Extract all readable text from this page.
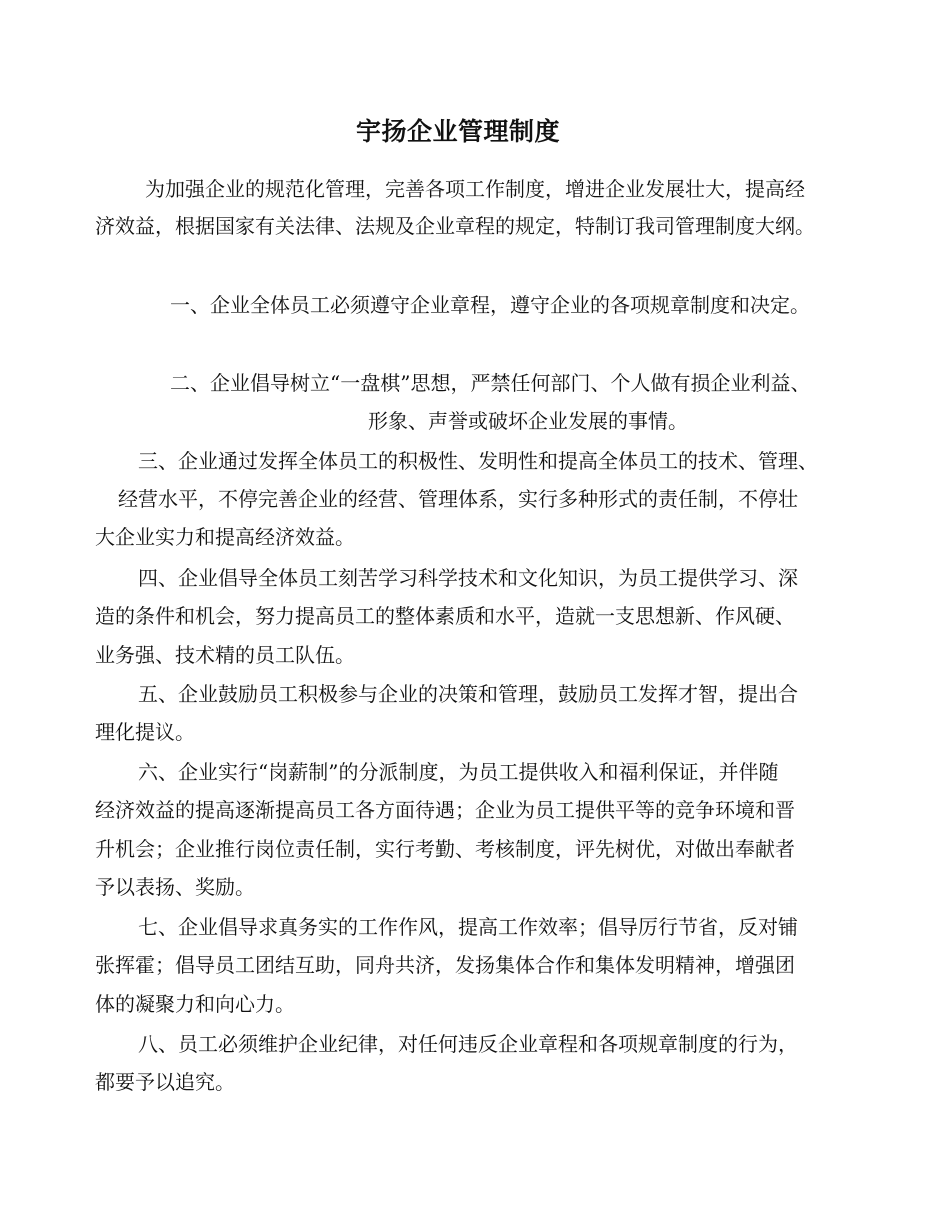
宇扬企业管理制度
为加强企业的规范化管理，完善各项工作制度，增进企业发展壮大，提高经
济效益，根据国家有关法律、法规及企业章程的规定，特制订我司管理制度大纲。
一、企业全体员工必须遵守企业章程，遵守企业的各项规章制度和决定。
二、企业倡导树立“一盘棋”思想，严禁任何部门、个人做有损企业利益、
形象、声誉或破坏企业发展的事情。
三、企业通过发挥全体员工的积极性、发明性和提高全体员工的技术、管理、
经营水平，不停完善企业的经营、管理体系，实行多种形式的责任制，不停壮
大企业实力和提高经济效益。
四、企业倡导全体员工刻苦学习科学技术和文化知识，为员工提供学习、深
造的条件和机会，努力提高员工的整体素质和水平，造就一支思想新、作风硬、
业务强、技术精的员工队伍。
五、企业鼓励员工积极参与企业的决策和管理，鼓励员工发挥才智，提出合
理化提议。
六、企业实行“岗薪制”的分派制度，为员工提供收入和福利保证，并伴随
经济效益的提高逐渐提高员工各方面待遇；企业为员工提供平等的竞争环境和晋
升机会；企业推行岗位责任制，实行考勤、考核制度，评先树优，对做出奉献者
予以表扬、奖励。
七、企业倡导求真务实的工作作风，提高工作效率；倡导厉行节省，反对铺
张挥霍；倡导员工团结互助，同舟共济，发扬集体合作和集体发明精神，增强团
体的凝聚力和向心力。
八、员工必须维护企业纪律，对任何违反企业章程和各项规章制度的行为，
都要予以追究。
